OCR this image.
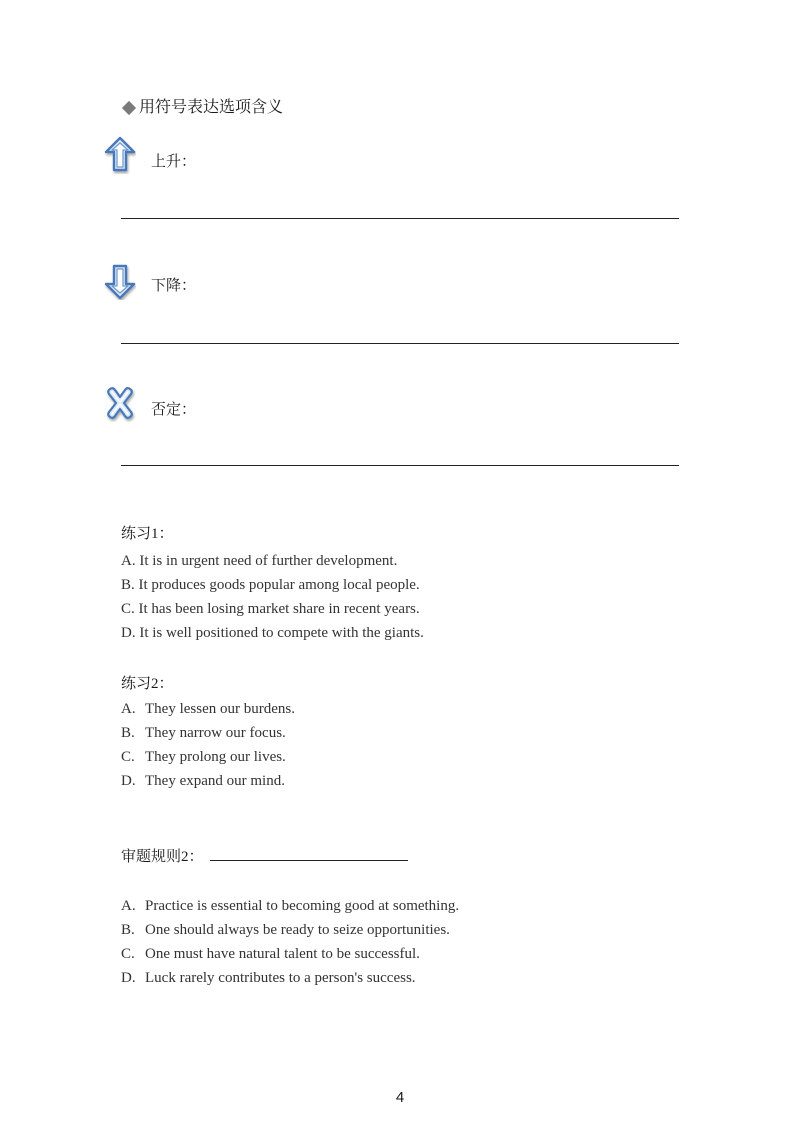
用符号表达选项含义
上升：
下降：
否定：
练习1：
A. It is in urgent need of further development.
B. It produces goods popular among local people.
C. It has been losing market share in recent years.
D. It is well positioned to compete with the giants.
练习2：
A. They lessen our burdens.
B. They narrow our focus.
C. They prolong our lives.
D. They expand our mind.
审题规则2：
A. Practice is essential to becoming good at something.
B. One should always be ready to seize opportunities.
C. One must have natural talent to be successful.
D. Luck rarely contributes to a person's success.
4
